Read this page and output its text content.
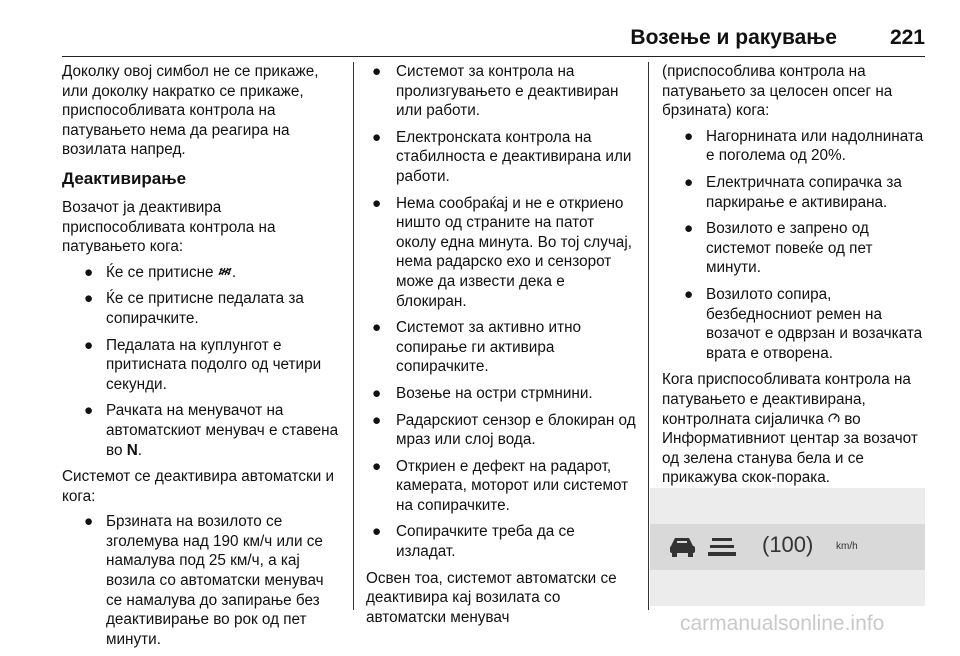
Возење и ракување	221

Доколку овој симбол не се прикаже, или доколку накратко се прикаже, приспособливата контрола на патувањето нема да реагира на возилата напред.

Деактивирање

Возачот ја деактивира приспособливата контрола на патувањето кога:

● Ќе се притисне .
● Ќе се притисне педалата за сопирачките.
● Педалата на куплунгот е притисната подолго од четири секунди.
● Рачката на менувачот на автоматскиот менувач е ставена во N.

Системот се деактивира автоматски и кога:

● Брзината на возилото се зголемува над 190 км/ч или се намалува под 25 км/ч, а кај возила со автоматски менувач се намалува до запирање без деактивирање во рок од пет минути.
● Системот за контрола на пролизгувањето е деактивиран или работи.
● Електронската контрола на стабилноста е деактивирана или работи.
● Нема сообраќај и не е откриено ништо од страните на патот околу една минута. Во тој случај, нема радарско ехо и сензорот може да извести дека е блокиран.
● Системот за активно итно сопирање ги активира сопирачките.
● Возење на остри стрмнини.
● Радарскиот сензор е блокиран од мраз или слој вода.
● Откриен е дефект на радарот, камерата, моторот или системот на сопирачките.
● Сопирачките треба да се изладат.

Освен тоа, системот автоматски се деактивира кај возилата со автоматски менувач

(приспособлива контрола на патувањето за целосен опсег на брзината) кога:

● Нагорнината или надолнината е поголема од 20%.
● Електричната сопирачка за паркирање е активирана.
● Возилото е запрено од системот повеќе од пет минути.
● Возилото сопира, безбедносниот ремен на возачот е одврзан и возачката врата е отворена.

Кога приспособливата контрола на патувањето е деактивирана, контролната сијаличка во Информативниот центар за возачот од зелена станува бела и се прикажува скок-порака.

(100) km/h
carmanualsonline.info
